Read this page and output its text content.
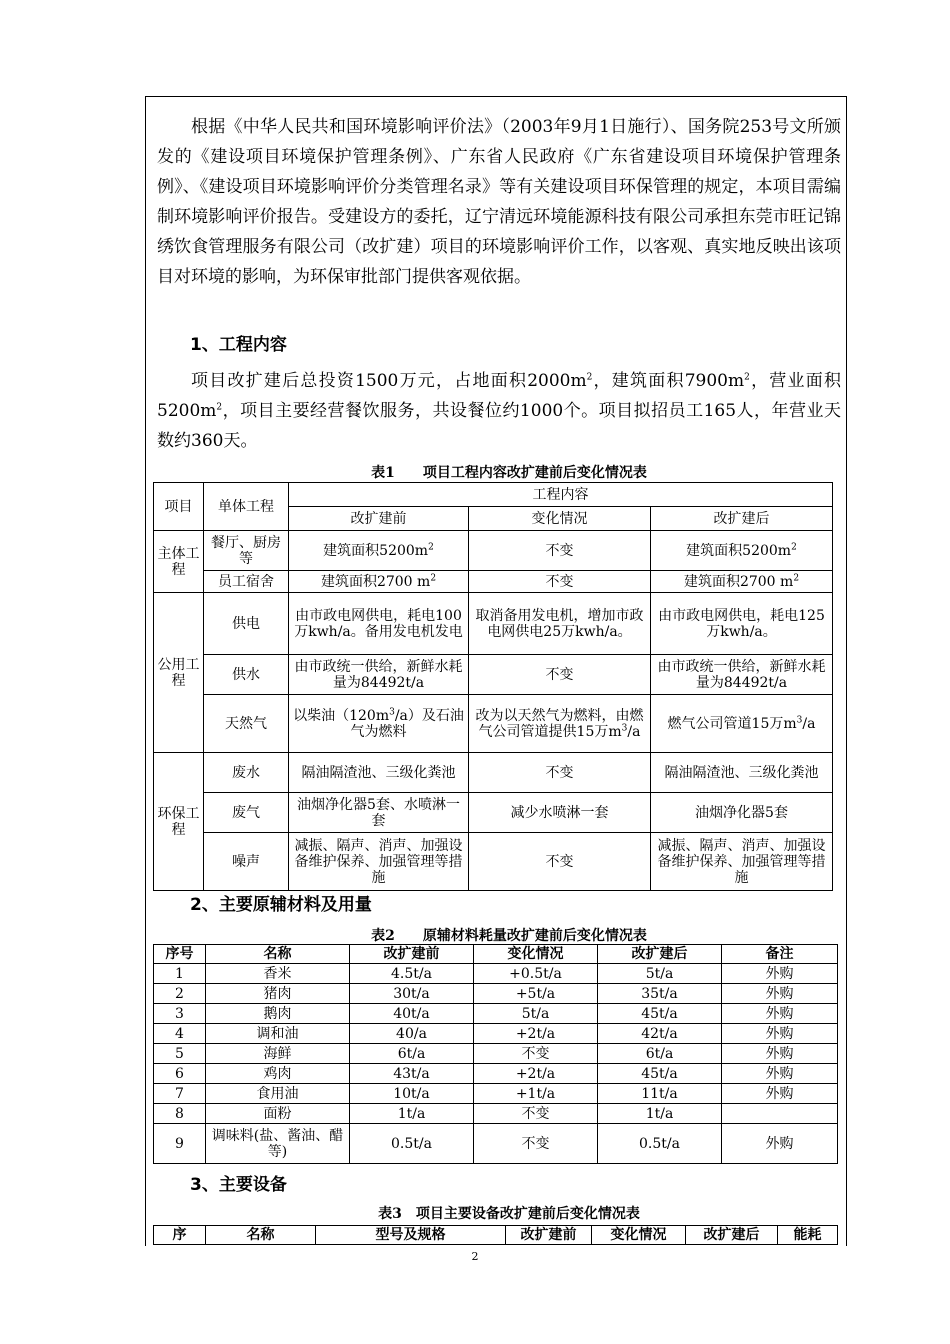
根据《中华人民共和国环境影响评价法》（2003年9月1日施行）、国务院253号文所颁发的《建设项目环境保护管理条例》、广东省人民政府《广东省建设项目环境保护管理条例》、《建设项目环境影响评价分类管理名录》等有关建设项目环保管理的规定，本项目需编制环境影响评价报告。受建设方的委托，辽宁清远环境能源科技有限公司承担东莞市旺记锦绣饮食管理服务有限公司（改扩建）项目的环境影响评价工作，以客观、真实地反映出该项目对环境的影响，为环保审批部门提供客观依据。

1、工程内容

项目改扩建后总投资1500万元，占地面积$2000m^2$，建筑面积$7900m^2$，营业面积$5200m^2$，项目主要经营餐饮服务，共设餐位约1000个。项目拟招员工165人，年营业天数约360天。

表1　　项目工程内容改扩建前后变化情况表
项目	单体工程	工程内容		
		改扩建前	变化情况	改扩建后
主体工程	餐厅、厨房等	建筑面积$5200m^2$	不变	建筑面积$5200m^2$
	员工宿舍	建筑面积2700 $m^2$	不变	建筑面积2700 $m^2$
公用工程	供电	由市政电网供电，耗电100万kwh/a。备用发电机发电	取消备用发电机，增加市政电网供电25万kwh/a。	由市政电网供电，耗电125万kwh/a。
	供水	由市政统一供给，新鲜水耗量为84492t/a	不变	由市政统一供给，新鲜水耗量为84492t/a
	天然气	以柴油$(120m^3/a)$及石油气为燃料	改为以天然气为燃料，由燃气公司管道提供15万$m^3/a$	燃气公司管道15万$m^3/a$
环保工程	废水	隔油隔渣池、三级化粪池	不变	隔油隔渣池、三级化粪池
	废气	油烟净化器5套、水喷淋一套	减少水喷淋一套	油烟净化器5套
	噪声	减振、隔声、消声、加强设备维护保养、加强管理等措施	不变	减振、隔声、消声、加强设备维护保养、加强管理等措施

2、主要原辅材料及用量

表2　　原辅材料耗量改扩建前后变化情况表
序号	名称	改扩建前	变化情况	改扩建后	备注
1	香米	4.5t/a	+0.5t/a	5t/a	外购
2	猪肉	30t/a	+5t/a	35t/a	外购
3	鹅肉	40t/a	5t/a	45t/a	外购
4	调和油	40/a	+2t/a	42t/a	外购
5	海鲜	6t/a	不变	6t/a	外购
6	鸡肉	43t/a	+2t/a	45t/a	外购
7	食用油	10t/a	+1t/a	11t/a	外购
8	面粉	1t/a	不变	1t/a	
9	调味料(盐、酱油、醋等)	0.5t/a	不变	0.5t/a	外购

3、主要设备

表3　项目主要设备改扩建前后变化情况表
序	名称	型号及规格	改扩建前	变化情况	改扩建后	能耗
2
